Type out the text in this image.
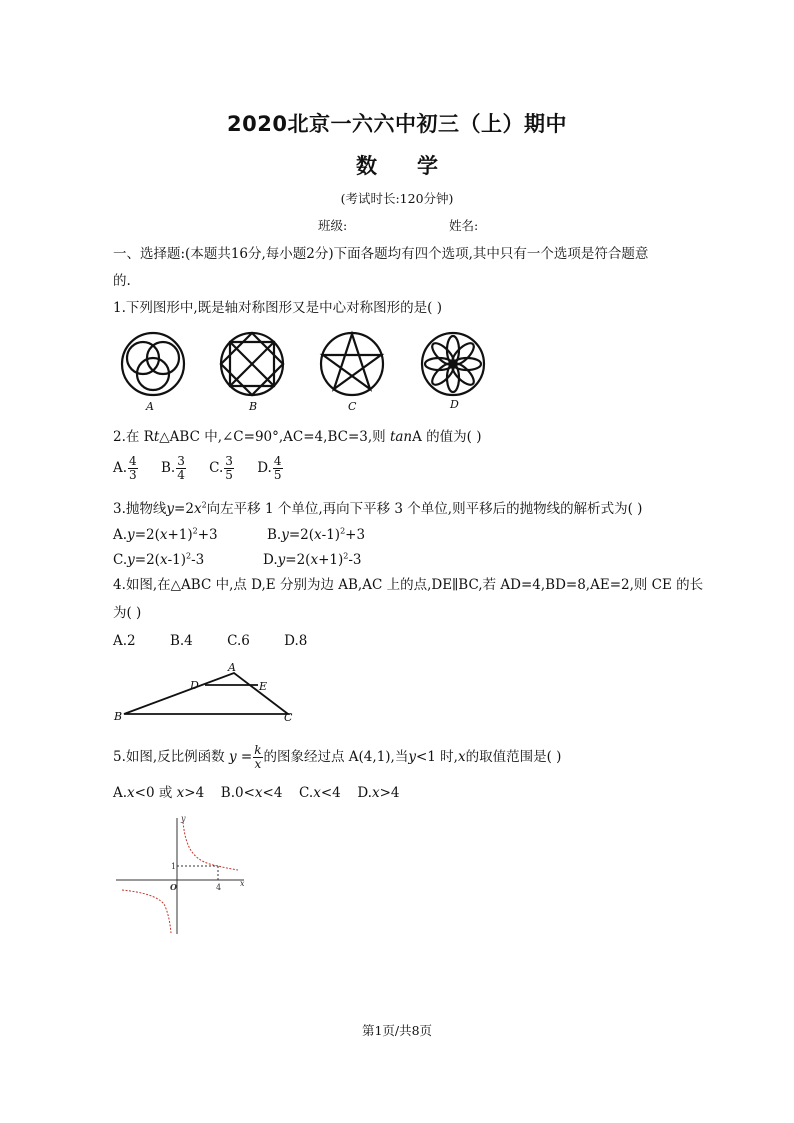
2020北京一六六中初三（上）期中
数 学
(考试时长:120分钟)
班级:	姓名:
一、选择题:(本题共16分,每小题2分)下面各题均有四个选项,其中只有一个选项是符合题意
的.
1.下列图形中,既是轴对称图形又是中心对称图形的是( )
A	B	C	D
2.在 Rt△ABC 中,∠C=90°,AC=4,BC=3,则 tanA 的值为( )
A. $\frac{4}{3} B$. $\frac{3}{4} C$. $\frac{3}{5} D$. $\frac{4}{5}$
3.抛物线$y=2x^2$向左平移 1 个单位,再向下平移 3 个单位,则平移后的抛物线的解析式为( )
$A.y=2(x+1)^2+3$	$B.y=2(x-1)^2+3$
$C.y=2(x-1)^2-3$	$D.y=2(x+1)^2-3$
4.如图,在△ABC 中,点 D,E 分别为边 AB,AC 上的点,DE∥BC,若 AD=4,BD=8,AE=2,则 CE 的长
为( )
A.2        B.4        C.6        D.8
A
B	C
D	E
5.如图,反比例函数 $y = \frac{k}{x}$ 的图象经过点 A(4,1),当y<1 时,x的取值范围是( )
A.x<0 或 x>4 B.0<x<4 C.x<4 D.x>4
y
x
O
1
4
第1页/共8页
